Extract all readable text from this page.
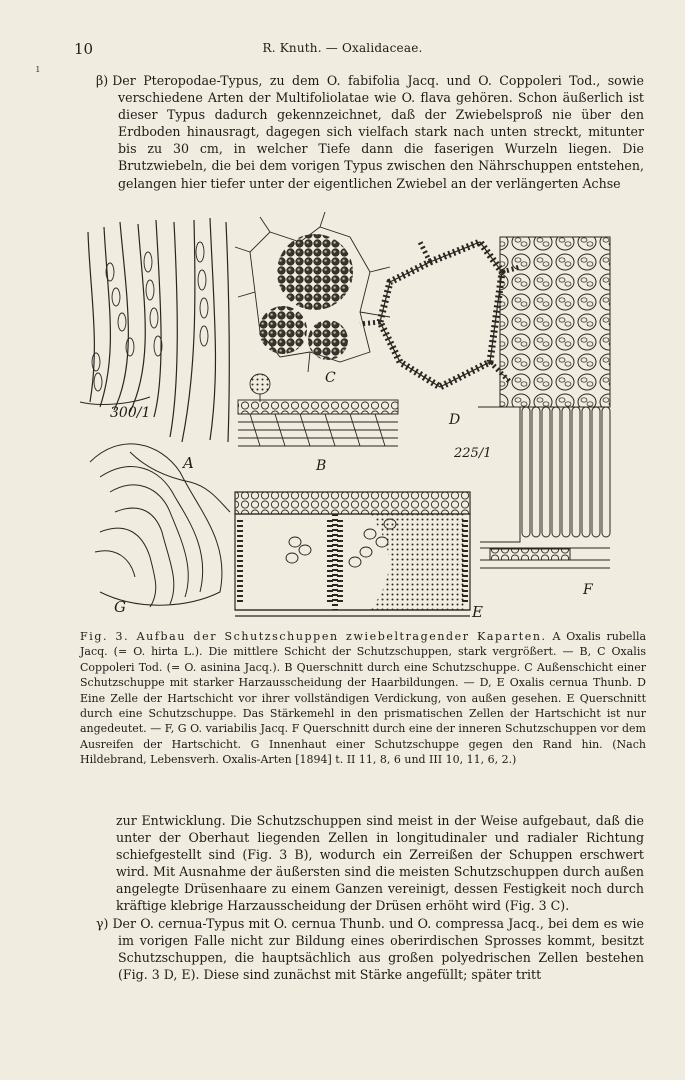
ı
10	R. Knuth. — Oxalidaceae.

β) Der Pteropodae-Typus, zu dem O. fabifolia Jacq. und O. Coppoleri Tod., sowie verschiedene Arten der Multifoliolatae wie O. flava gehören. Schon äußerlich ist dieser Typus dadurch gekennzeichnet, daß der Zwiebelsproß nie über den Erdboden hinausragt, dagegen sich vielfach stark nach unten streckt, mitunter bis zu 30 cm, in welcher Tiefe dann die faserigen Wurzeln liegen. Die Brutzwiebeln, die bei dem vorigen Typus zwischen den Nährschuppen entstehen, gelangen hier tiefer unter der eigentlichen Zwiebel an der verlängerten Achse

300/1
A
C
B
D
225/1
F
G	E
Fig. 3. Aufbau der Schutzschuppen zwiebeltragender Kaparten. A Oxalis rubella Jacq. (= O. hirta L.). Die mittlere Schicht der Schutzschuppen, stark vergrößert. — B, C Oxalis Coppoleri Tod. (= O. asinina Jacq.). B Querschnitt durch eine Schutzschuppe. C Außenschicht einer Schutzschuppe mit starker Harzausscheidung der Haarbildungen. — D, E Oxalis cernua Thunb. D Eine Zelle der Hartschicht vor ihrer vollständigen Verdickung, von außen gesehen. E Querschnitt durch eine Schutzschuppe. Das Stärkemehl in den prismatischen Zellen der Hartschicht ist nur angedeutet. — F, G O. variabilis Jacq. F Querschnitt durch eine der inneren Schutzschuppen vor dem Ausreifen der Hartschicht. G Innenhaut einer Schutzschuppe gegen den Rand hin. (Nach Hildebrand, Lebensverh. Oxalis-Arten [1894] t. II 11, 8, 6 und III 10, 11, 6, 2.)

zur Entwicklung. Die Schutzschuppen sind meist in der Weise aufgebaut, daß die unter der Oberhaut liegenden Zellen in longitudinaler und radialer Richtung schiefgestellt sind (Fig. 3 B), wodurch ein Zerreißen der Schuppen erschwert wird. Mit Ausnahme der äußersten sind die meisten Schutzschuppen durch außen angelegte Drüsenhaare zu einem Ganzen vereinigt, dessen Festigkeit noch durch kräftige klebrige Harzausscheidung der Drüsen erhöht wird (Fig. 3 C).

γ) Der O. cernua-Typus mit O. cernua Thunb. und O. compressa Jacq., bei dem es wie im vorigen Falle nicht zur Bildung eines oberirdischen Sprosses kommt, besitzt Schutzschuppen, die hauptsächlich aus großen polyedrischen Zellen bestehen (Fig. 3 D, E). Diese sind zunächst mit Stärke angefüllt; später tritt
